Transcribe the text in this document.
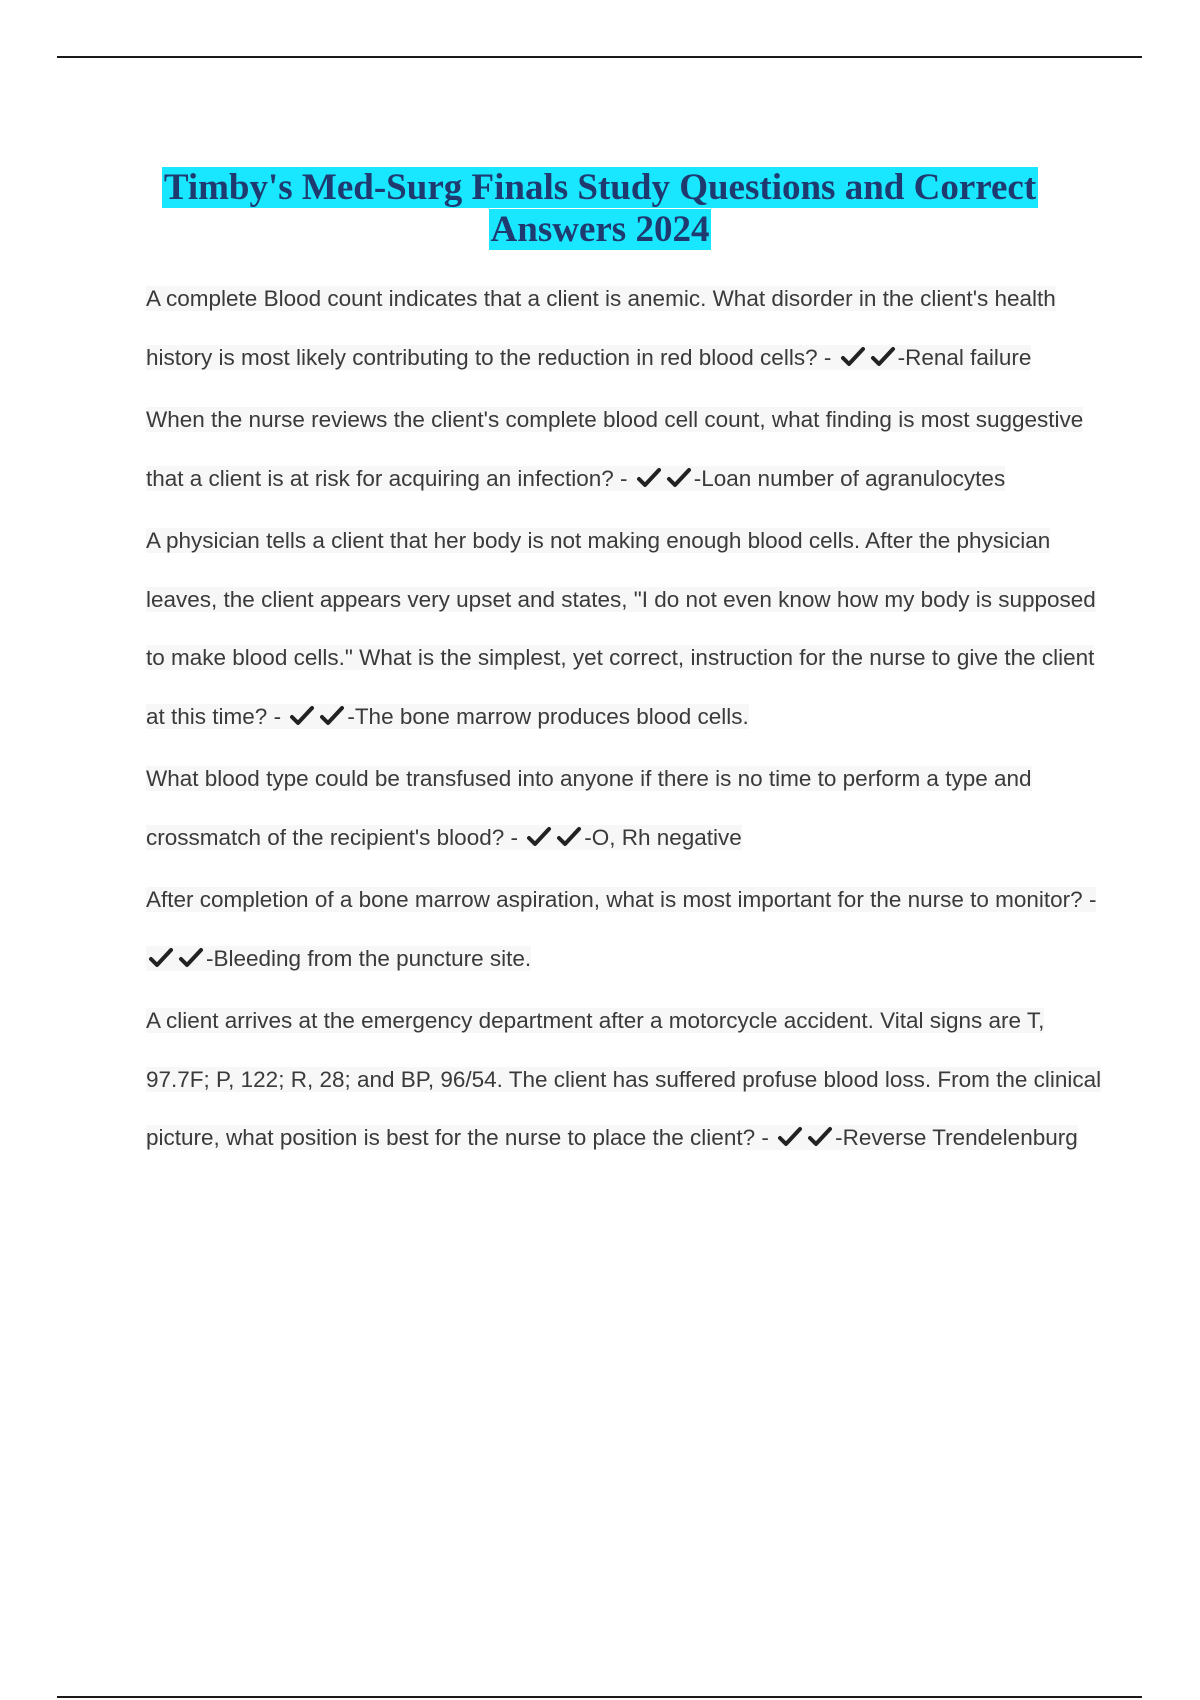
Timby's Med-Surg Finals Study Questions and Correct
Answers 2024

A complete Blood count indicates that a client is anemic. What disorder in the client's health history is most likely contributing to the reduction in red blood cells? -	-Renal failure

When the nurse reviews the client's complete blood cell count, what finding is most suggestive that a client is at risk for acquiring an infection? -	-Loan number of agranulocytes

A physician tells a client that her body is not making enough blood cells. After the physician leaves, the client appears very upset and states, "I do not even know how my body is supposed to make blood cells." What is the simplest, yet correct, instruction for the nurse to give the client at this time? -	-The bone marrow produces blood cells.

What blood type could be transfused into anyone if there is no time to perform a type and crossmatch of the recipient's blood? -	-O, Rh negative

After completion of a bone marrow aspiration, what is most important for the nurse to monitor? -
-Bleeding from the puncture site.

A client arrives at the emergency department after a motorcycle accident. Vital signs are T, 97.7F; P, 122; R, 28; and BP, 96/54. The client has suffered profuse blood loss. From the clinical picture, what position is best for the nurse to place the client? -	-Reverse Trendelenburg
